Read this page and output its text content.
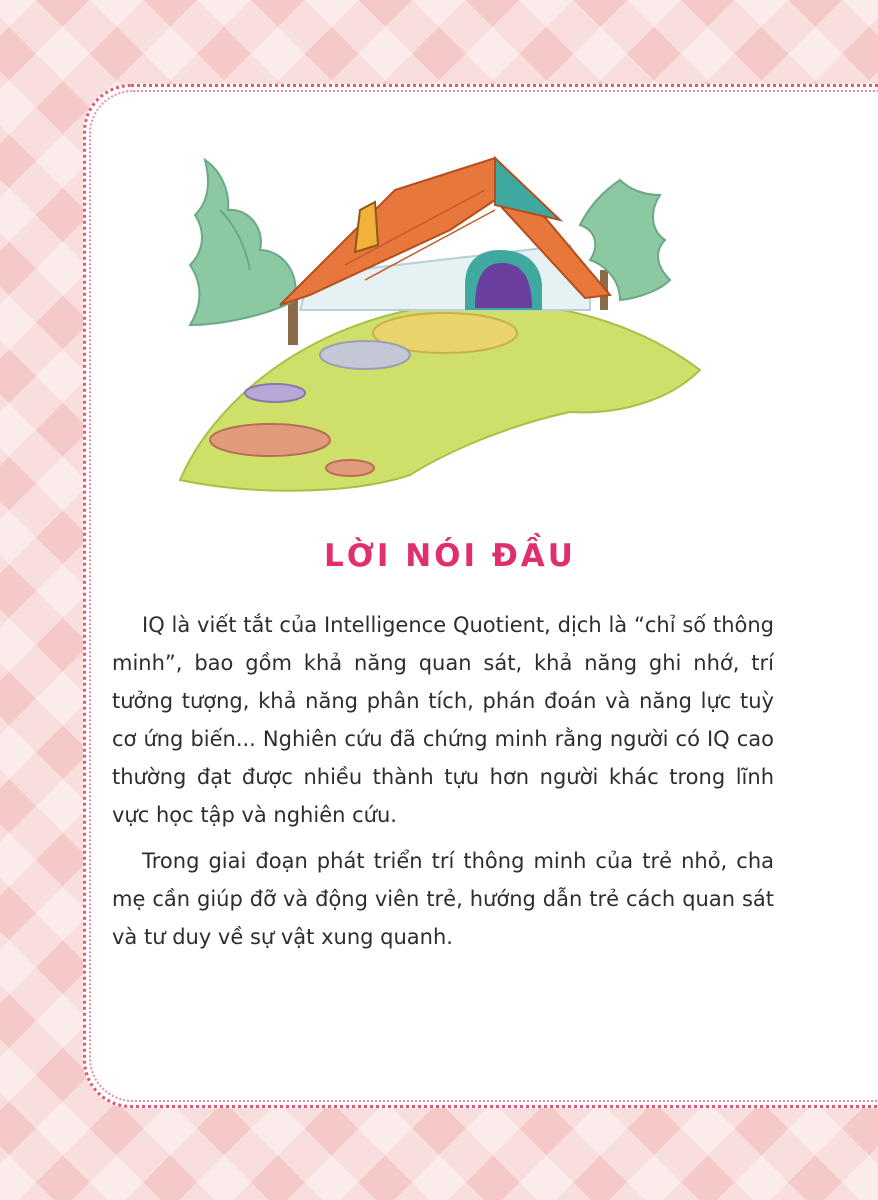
LỜI NÓI ĐẦU

IQ là viết tắt của Intelligence Quotient, dịch là “chỉ số thông minh”, bao gồm khả năng quan sát, khả năng ghi nhớ, trí tưởng tượng, khả năng phân tích, phán đoán và năng lực tuỳ cơ ứng biến... Nghiên cứu đã chứng minh rằng người có IQ cao thường đạt được nhiều thành tựu hơn người khác trong lĩnh vực học tập và nghiên cứu.

Trong giai đoạn phát triển trí thông minh của trẻ nhỏ, cha mẹ cần giúp đỡ và động viên trẻ, hướng dẫn trẻ cách quan sát và tư duy về sự vật xung quanh.
